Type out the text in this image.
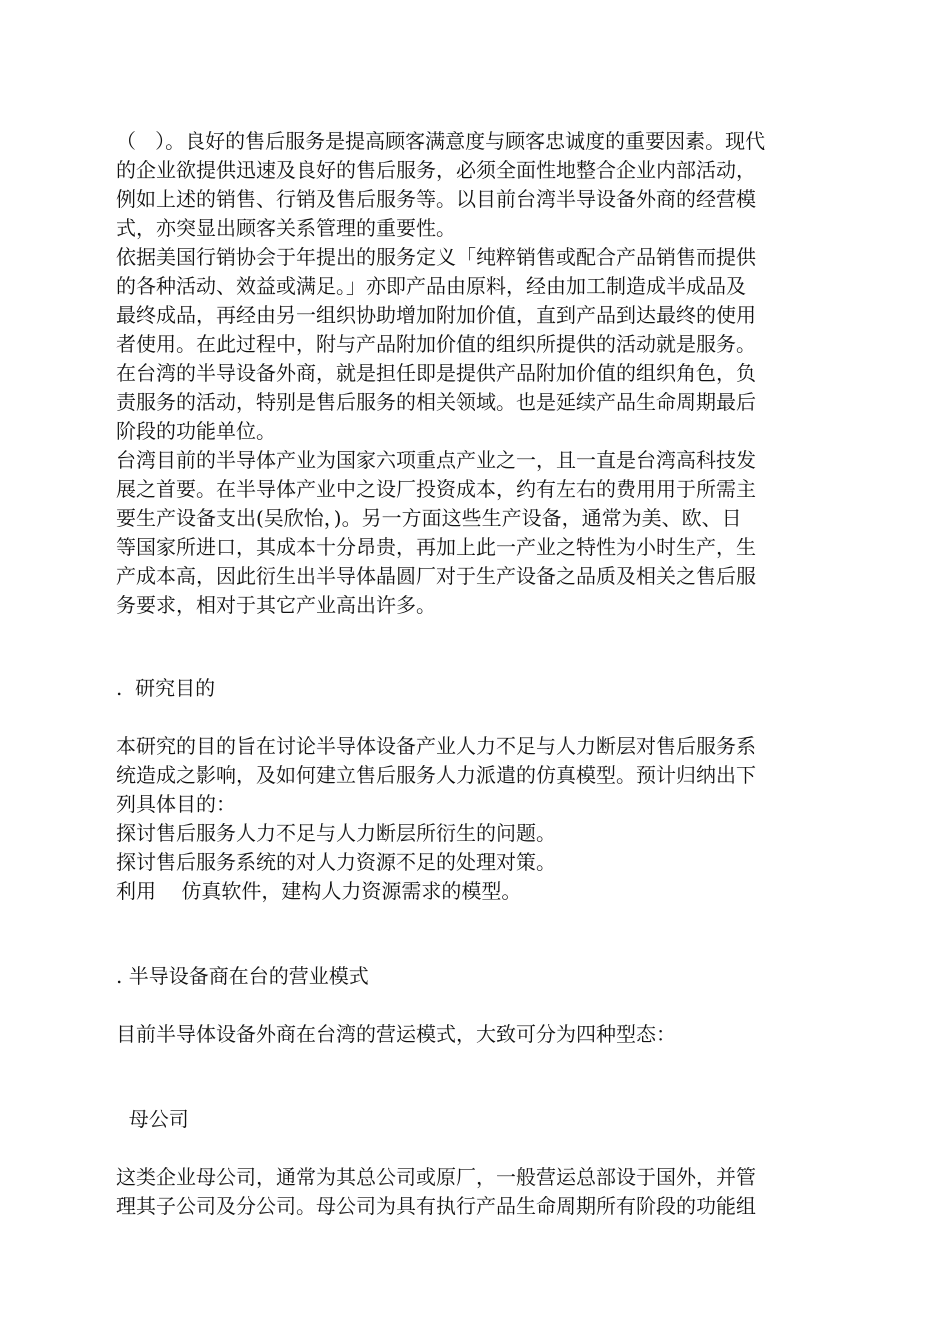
（   ）。良好的售后服务是提高顾客满意度与顾客忠诚度的重要因素。现代
的企业欲提供迅速及良好的售后服务，必须全面性地整合企业内部活动，
例如上述的销售、行销及售后服务等。以目前台湾半导设备外商的经营模
式，亦突显出顾客关系管理的重要性。
依据美国行销协会于年提出的服务定义「纯粹销售或配合产品销售而提供
的各种活动、效益或满足。」亦即产品由原料，经由加工制造成半成品及
最终成品，再经由另一组织协助增加附加价值，直到产品到达最终的使用
者使用。在此过程中，附与产品附加价值的组织所提供的活动就是服务。
在台湾的半导设备外商，就是担任即是提供产品附加价值的组织角色，负
责服务的活动，特别是售后服务的相关领域。也是延续产品生命周期最后
阶段的功能单位。
台湾目前的半导体产业为国家六项重点产业之一，且一直是台湾高科技发
展之首要。在半导体产业中之设厂投资成本，约有左右的费用用于所需主
要生产设备支出(吴欣怡，)。另一方面这些生产设备，通常为美、欧、日
等国家所进口，其成本十分昂贵，再加上此一产业之特性为小时生产，生
产成本高，因此衍生出半导体晶圆厂对于生产设备之品质及相关之售后服
务要求，相对于其它产业高出许多。
.  研究目的
本研究的目的旨在讨论半导体设备产业人力不足与人力断层对售后服务系
统造成之影响，及如何建立售后服务人力派遣的仿真模型。预计归纳出下
列具体目的：
探讨售后服务人力不足与人力断层所衍生的问题。
探讨售后服务系统的对人力资源不足的处理对策。
利用    仿真软件，建构人力资源需求的模型。
. 半导设备商在台的营业模式
目前半导体设备外商在台湾的营运模式，大致可分为四种型态：
母公司
这类企业母公司，通常为其总公司或原厂，一般营运总部设于国外，并管
理其子公司及分公司。母公司为具有执行产品生命周期所有阶段的功能组
